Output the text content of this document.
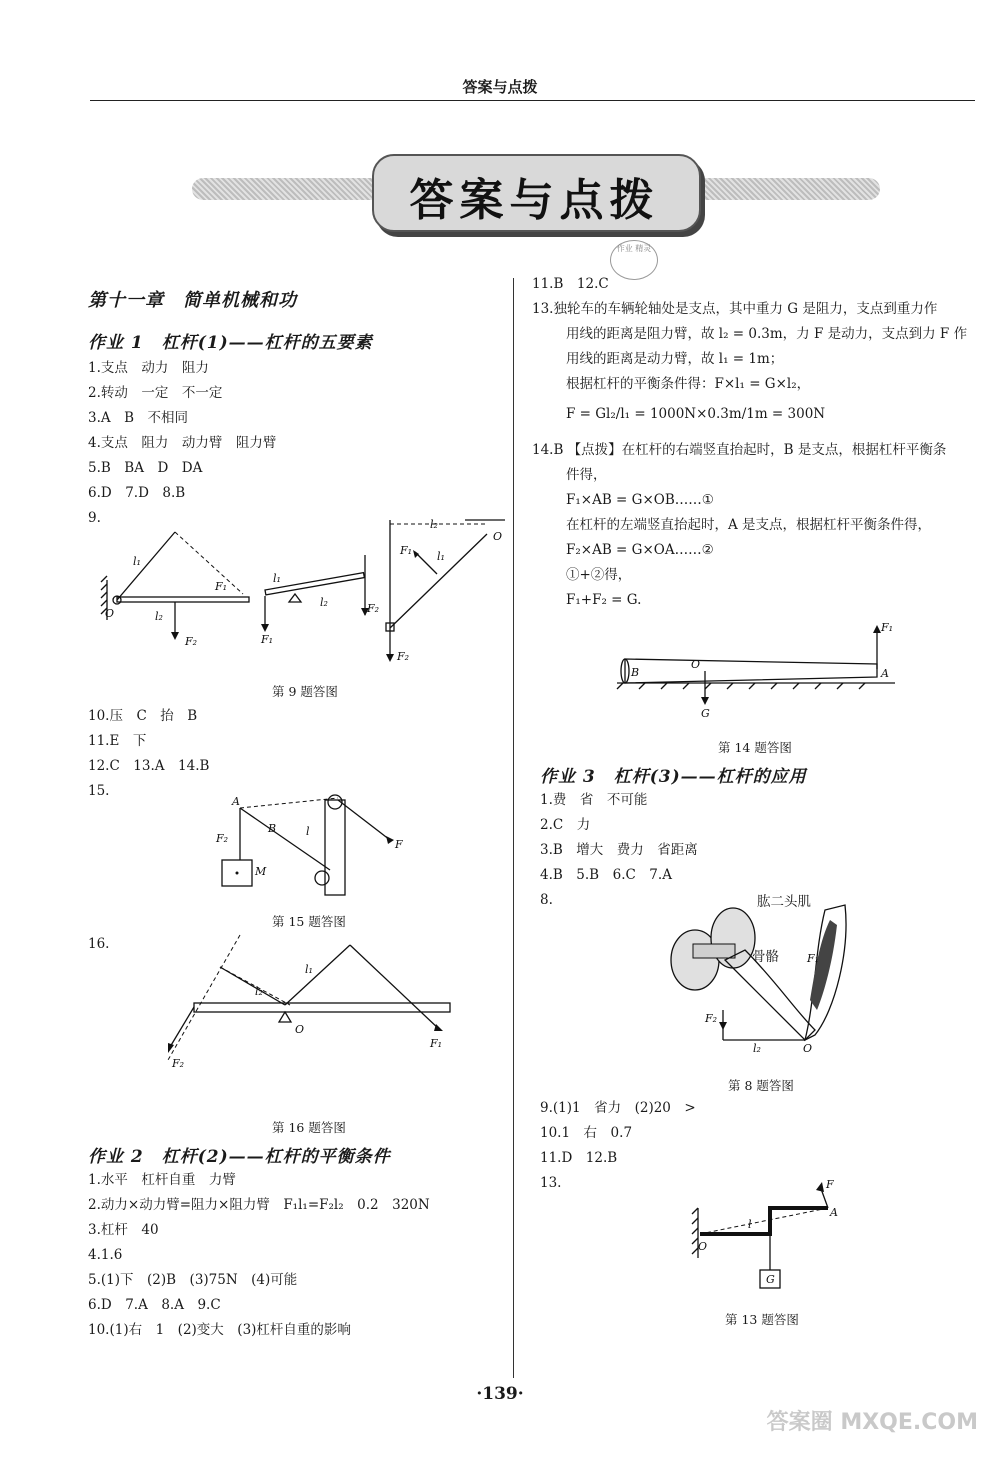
答案与点拨
答案与点拨
作业 精灵
第十一章　简单机械和功
作业 1　杠杆(1)——杠杆的五要素
1.支点　动力　阻力
2.转动　一定　不一定
3.A　B　不相同
4.支点　阻力　动力臂　阻力臂
5.B　BA　D　DA
6.D　7.D　8.B
9.
l₁
l₂
O
F₂
F₁
l₁
l₂
F₁
F₂
l₂
l₁
F₁
O
F₂
第 9 题答图
10.压　C　抬　B
11.E　下
12.C　13.A　14.B
15.
A
F₂
B	l
M
F
第 15 题答图
16.
l₂
l₁
O
F₂
F₁
第 16 题答图
作业 2　杠杆(2)——杠杆的平衡条件
1.水平　杠杆自重　力臂
2.动力×动力臂=阻力×阻力臂　F₁l₁=F₂l₂　0.2　320N
3.杠杆　40
4.1.6
5.(1)下　(2)B　(3)75N　(4)可能
6.D　7.A　8.A　9.C
10.(1)右　1　(2)变大　(3)杠杆自重的影响
11.B　12.C
13.独轮车的车辆轮轴处是支点，其中重力 G 是阻力，支点到重力作
用线的距离是阻力臂，故 l₂ = 0.3m，力 F 是动力，支点到力 F 作
用线的距离是动力臂，故 l₁ = 1m；
根据杠杆的平衡条件得：F×l₁ = G×l₂，
F = Gl₂/l₁ = 1000N×0.3m/1m = 300N
14.B 【点拨】在杠杆的右端竖直抬起时，B 是支点，根据杠杆平衡条
件得，
F₁×AB = G×OB……①
在杠杆的左端竖直抬起时，A 是支点，根据杠杆平衡条件得，
F₂×AB = G×OA……②
①+②得，
F₁+F₂ = G.
B
O
A
F₁
G
第 14 题答图
作业 3　杠杆(3)——杠杆的应用
1.费　省　不可能
2.C　力
3.B　增大　费力　省距离
4.B　5.B　6.C　7.A
8.
F₂
l₂	O
F₁
肱二头肌
骨骼
第 8 题答图
9.(1)1　省力　(2)20　>
10.1　右　0.7
11.D　12.B
13.
l
O
A
F
G
第 13 题答图
·139·
答案圈 MXQE.COM
